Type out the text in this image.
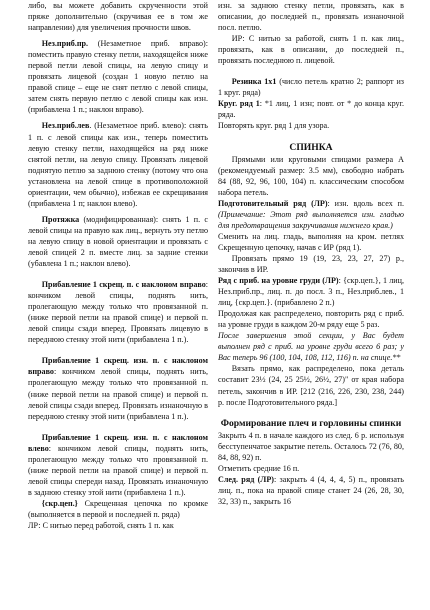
либо, вы можете добавить скрученности этой пряже дополнительно (скручивая ее в том же направлении) для увеличения прочности швов.
Нез.приб.пр. (Незаметное приб. вправо): поместить правую стенку петли, находящейся ниже первой петли левой спицы, на левую спицу и провязать лицевой (создан 1 новую петлю на правой спице – еще не снят петлю с левой спицы, затем снять первую петлю с левой спицы как изн. (прибавлена 1 п.; наклон вправо).
Нез.приб.лев. (Незаметное приб. влево): снять 1 п. с левой спицы как изн., теперь поместить левую стенку петли, находящейся на ряд ниже снятой петли, на левую спицу. Провязать лицевой поднятую петлю за заднюю стенку (потому что она установлена на левой спице в противоположной ориентации, чем обычно), избежав ее скрещивания (прибавлена 1 п; наклон влево).
Протяжка (модифицированная): снять 1 п. с левой спицы на правую как лиц., вернуть эту петлю на левую спицу в новой ориентации и провязать с левой спицей 2 п. вместе лиц. за задние стенки (убавлена 1 п.; наклон влево).
Прибавление 1 скрещ. п. с наклоном вправо: кончиком левой спицы, поднять нить, пролегающую между только что провязанной п. (ниже первой петли на правой спице) и первой п. левой спицы сзади вперед. Провязать лицевую в переднюю стенку этой нити (прибавлена 1 п.).
Прибавление 1 скрещ. изн. п. с наклоном вправо: кончиком левой спицы, поднять нить, пролегающую между только что провязанной п. (ниже первой петли на правой спице) и первой п. левой спицы сзади вперед. Провязать изнаночную в переднюю стенку этой нити (прибавлена 1 п.).
Прибавление 1 скрещ. изн. п. с наклоном влево: кончиком левой спицы, поднять нить, пролегающую между только что провязанной п. (ниже первой петли на правой спице) и первой п. левой спицы спереди назад. Провязать изнаночную в заднюю стенку этой нити (прибавлена 1 п.).
{скр.цеп.} Скрещенная цепочка по кромке (выполняется в первой и последней п. ряда)
ЛР: С нитью перед работой, снять 1 п. как
изн. за заднюю стенку петли, провязать, как в описании, до последней п., провязать изнаночной посл. петлю.
ИР: С нитью за работой, снять 1 п. как лиц., провязать, как в описании, до последней п., провязать последнюю п. лицевой.
Резинка 1х1 (число петель кратно 2; раппорт из 1 круг. ряда)
Круг. ряд 1: *1 лиц, 1 изн; повт. от * до конца круг. ряда.
Повторять круг. ряд 1 для узора.
СПИНКА
Прямыми или круговыми спицами размера А (рекомендуемый размер: 3.5 мм), свободно набрать 84 (88, 92, 96, 100, 104) п. классическим способом набора петель.
Подготовительный ряд (ЛР): изн. вдоль всех п. (Примечание: Этот ряд выполняется изн. гладью для предотвращения закручивания нижнего края.)
Сменить на лиц. гладь, выполняя на кром. петлях Скрещенную цепочку, начав с ИР (ряд 1).
Провязать прямо 19 (19, 23, 23, 27, 27) р., закончив в ИР.
Ряд с приб. на уровне груди (ЛР): {скр.цеп.}, 1 лиц, Нез.приб.пр., лиц. п. до посл. 3 п., Нез.приб.лев., 1 лиц, {скр.цеп.}. (прибавлено 2 п.)
Продолжая как распределено, повторить ряд с приб. на уровне груди в каждом 20-м ряду еще 5 раз.
После завершения этой секции, у Вас будет выполнен ряд с приб. на уровне груди всего 6 раз; у Вас теперь 96 (100, 104, 108, 112, 116) п. на спице.**
Вязать прямо, как распределено, пока деталь составит 23½ (24, 25 25½, 26½, 27)" от края набора петель, закончив в ИР. [212 (216, 226, 230, 238, 244) р. после Подготовительного ряда.]
Формирование плеч и горловины спинки
Закрыть 4 п. в начале каждого из след. 6 р. используя бесступенчатое закрытие петель. Осталось 72 (76, 80, 84, 88, 92) п.
Отметить средние 16 п.
След. ряд (ЛР): закрыть 4 (4, 4, 4, 5) п., провязать лиц. п., пока на правой спице станет 24 (26, 28, 30, 32, 33) п., закрыть 16
